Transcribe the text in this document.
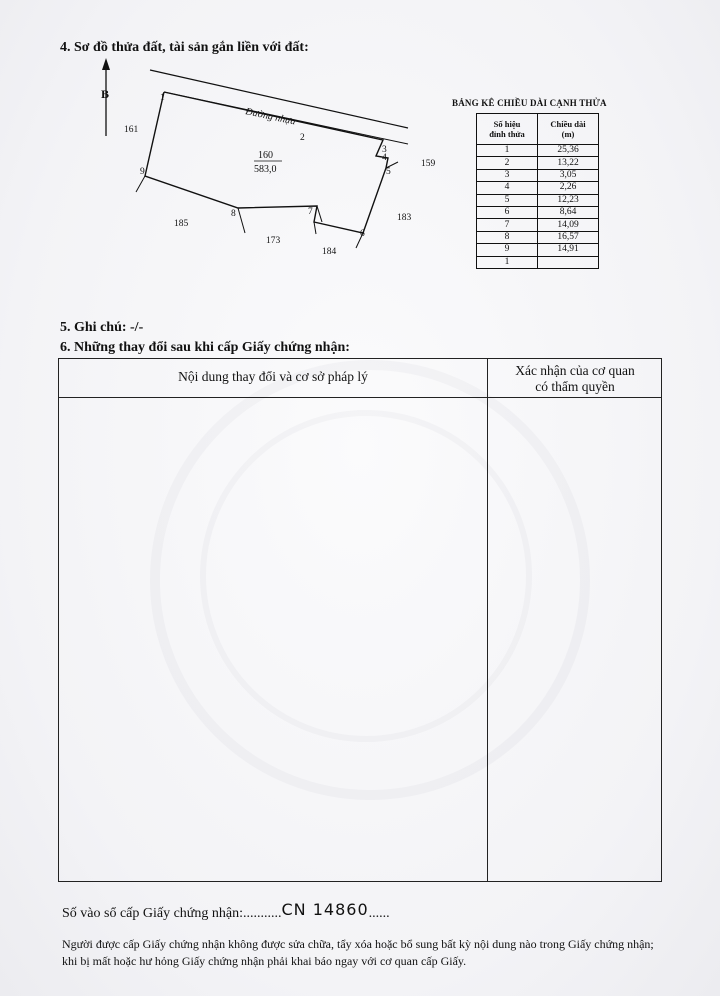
4. Sơ đồ thửa đất, tài sản gắn liền với đất:
B
Đường nhựa
1
2
3
4
5
6
7
8
9
160
583,0
161
159
185
173
184
183
BẢNG KÊ CHIỀU DÀI CẠNH THỬA
Số hiệu
đỉnh thửa	Chiều dài
(m)
1	25,36
2	13,22
3	3,05
4	2,26
5	12,23
6	8,64
7	14,09
8	16,57
9	14,91
1	
5. Ghi chú: -/-
6. Những thay đổi sau khi cấp Giấy chứng nhận:
Nội dung thay đổi và cơ sở pháp lý	Xác nhận của cơ quan
có thẩm quyền
Số vào sổ cấp Giấy chứng nhận:...........CN 14860......
Người được cấp Giấy chứng nhận không được sửa chữa, tẩy xóa hoặc bổ sung bất kỳ nội dung nào trong Giấy chứng nhận; khi bị mất hoặc hư hỏng Giấy chứng nhận phải khai báo ngay với cơ quan cấp Giấy.
